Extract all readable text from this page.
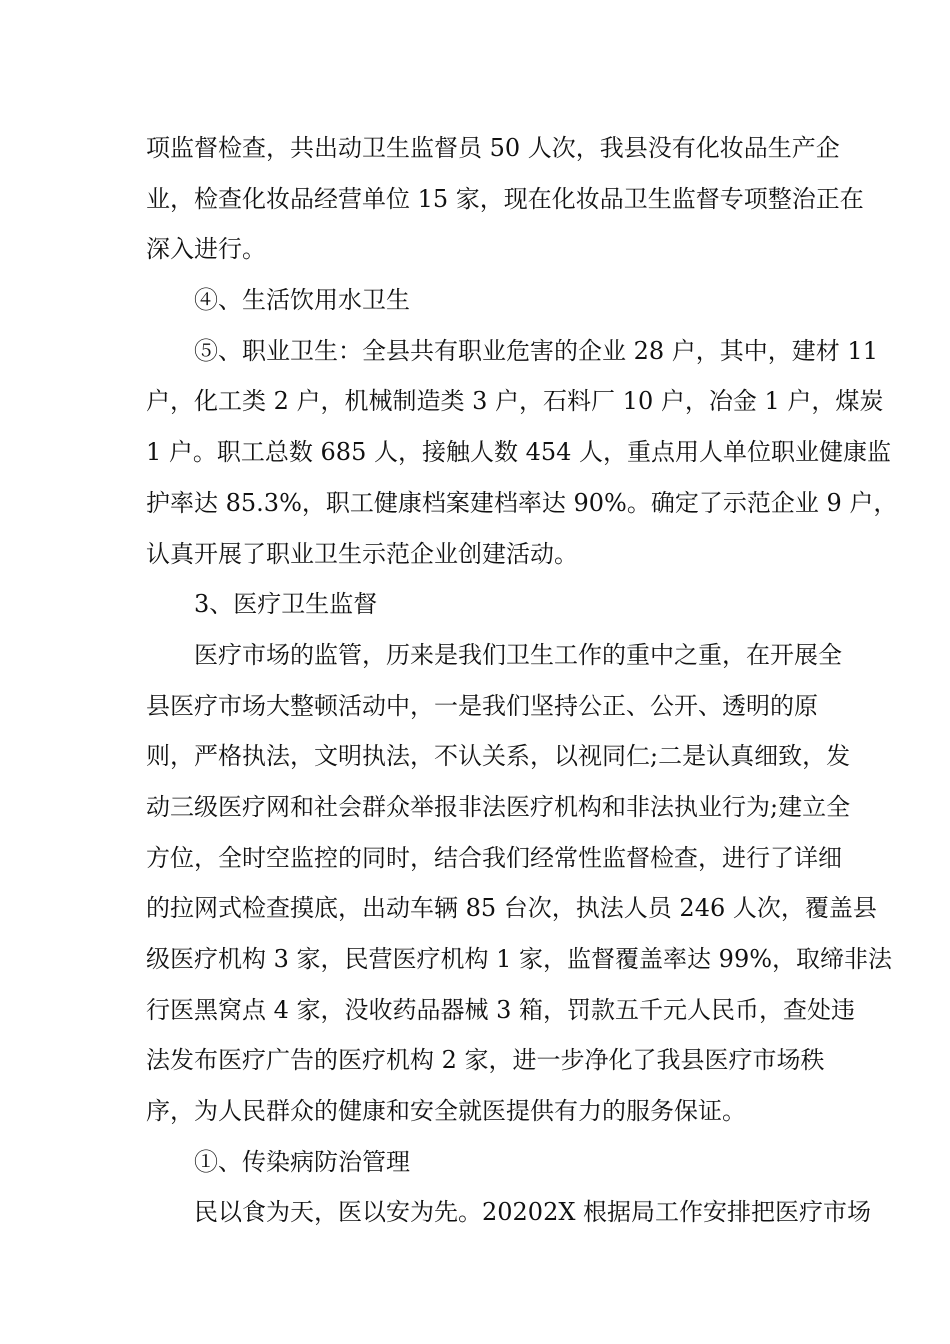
项监督检查，共出动卫生监督员 50 人次，我县没有化妆品生产企
业，检查化妆品经营单位 15 家，现在化妆品卫生监督专项整治正在
深入进行。
④、生活饮用水卫生
⑤、职业卫生：全县共有职业危害的企业 28 户，其中，建材 11
户，化工类 2 户，机械制造类 3 户，石料厂 10 户，冶金 1 户，煤炭
1 户。职工总数 685 人，接触人数 454 人，重点用人单位职业健康监
护率达 85.3%，职工健康档案建档率达 90%。确定了示范企业 9 户，
认真开展了职业卫生示范企业创建活动。
3、医疗卫生监督
医疗市场的监管，历来是我们卫生工作的重中之重，在开展全
县医疗市场大整顿活动中，一是我们坚持公正、公开、透明的原
则，严格执法，文明执法，不认关系，以视同仁;二是认真细致，发
动三级医疗网和社会群众举报非法医疗机构和非法执业行为;建立全
方位，全时空监控的同时，结合我们经常性监督检查，进行了详细
的拉网式检查摸底，出动车辆 85 台次，执法人员 246 人次，覆盖县
级医疗机构 3 家，民营医疗机构 1 家，监督覆盖率达 99%，取缔非法
行医黑窝点 4 家，没收药品器械 3 箱，罚款五千元人民币，查处违
法发布医疗广告的医疗机构 2 家，进一步净化了我县医疗市场秩
序，为人民群众的健康和安全就医提供有力的服务保证。
①、传染病防治管理
民以食为天，医以安为先。20202X 根据局工作安排把医疗市场
